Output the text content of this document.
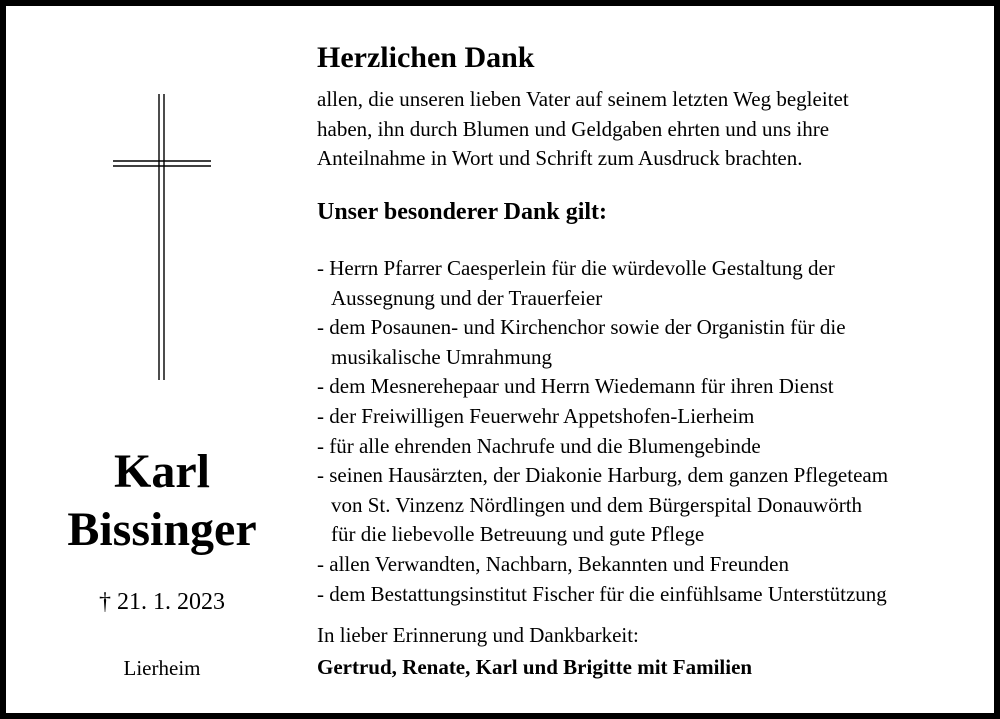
Karl
Bissinger
† 21. 1. 2023
Lierheim
Herzlichen Dank
allen, die unseren lieben Vater auf seinem letzten Weg begleitet
haben, ihn durch Blumen und Geldgaben ehrten und uns ihre
Anteilnahme in Wort und Schrift zum Ausdruck brachten.
Unser besonderer Dank gilt:
- Herrn Pfarrer Caesperlein für die würdevolle Gestaltung der
Aussegnung und der Trauerfeier
- dem Posaunen- und Kirchenchor sowie der Organistin für die
musikalische Umrahmung
- dem Mesnerehepaar und Herrn Wiedemann für ihren Dienst
- der Freiwilligen Feuerwehr Appetshofen-Lierheim
- für alle ehrenden Nachrufe und die Blumengebinde
- seinen Hausärzten, der Diakonie Harburg, dem ganzen Pflegeteam
von St. Vinzenz Nördlingen und dem Bürgerspital Donauwörth
für die liebevolle Betreuung und gute Pflege
- allen Verwandten, Nachbarn, Bekannten und Freunden
- dem Bestattungsinstitut Fischer für die einfühlsame Unterstützung
In lieber Erinnerung und Dankbarkeit:
Gertrud, Renate, Karl und Brigitte mit Familien
